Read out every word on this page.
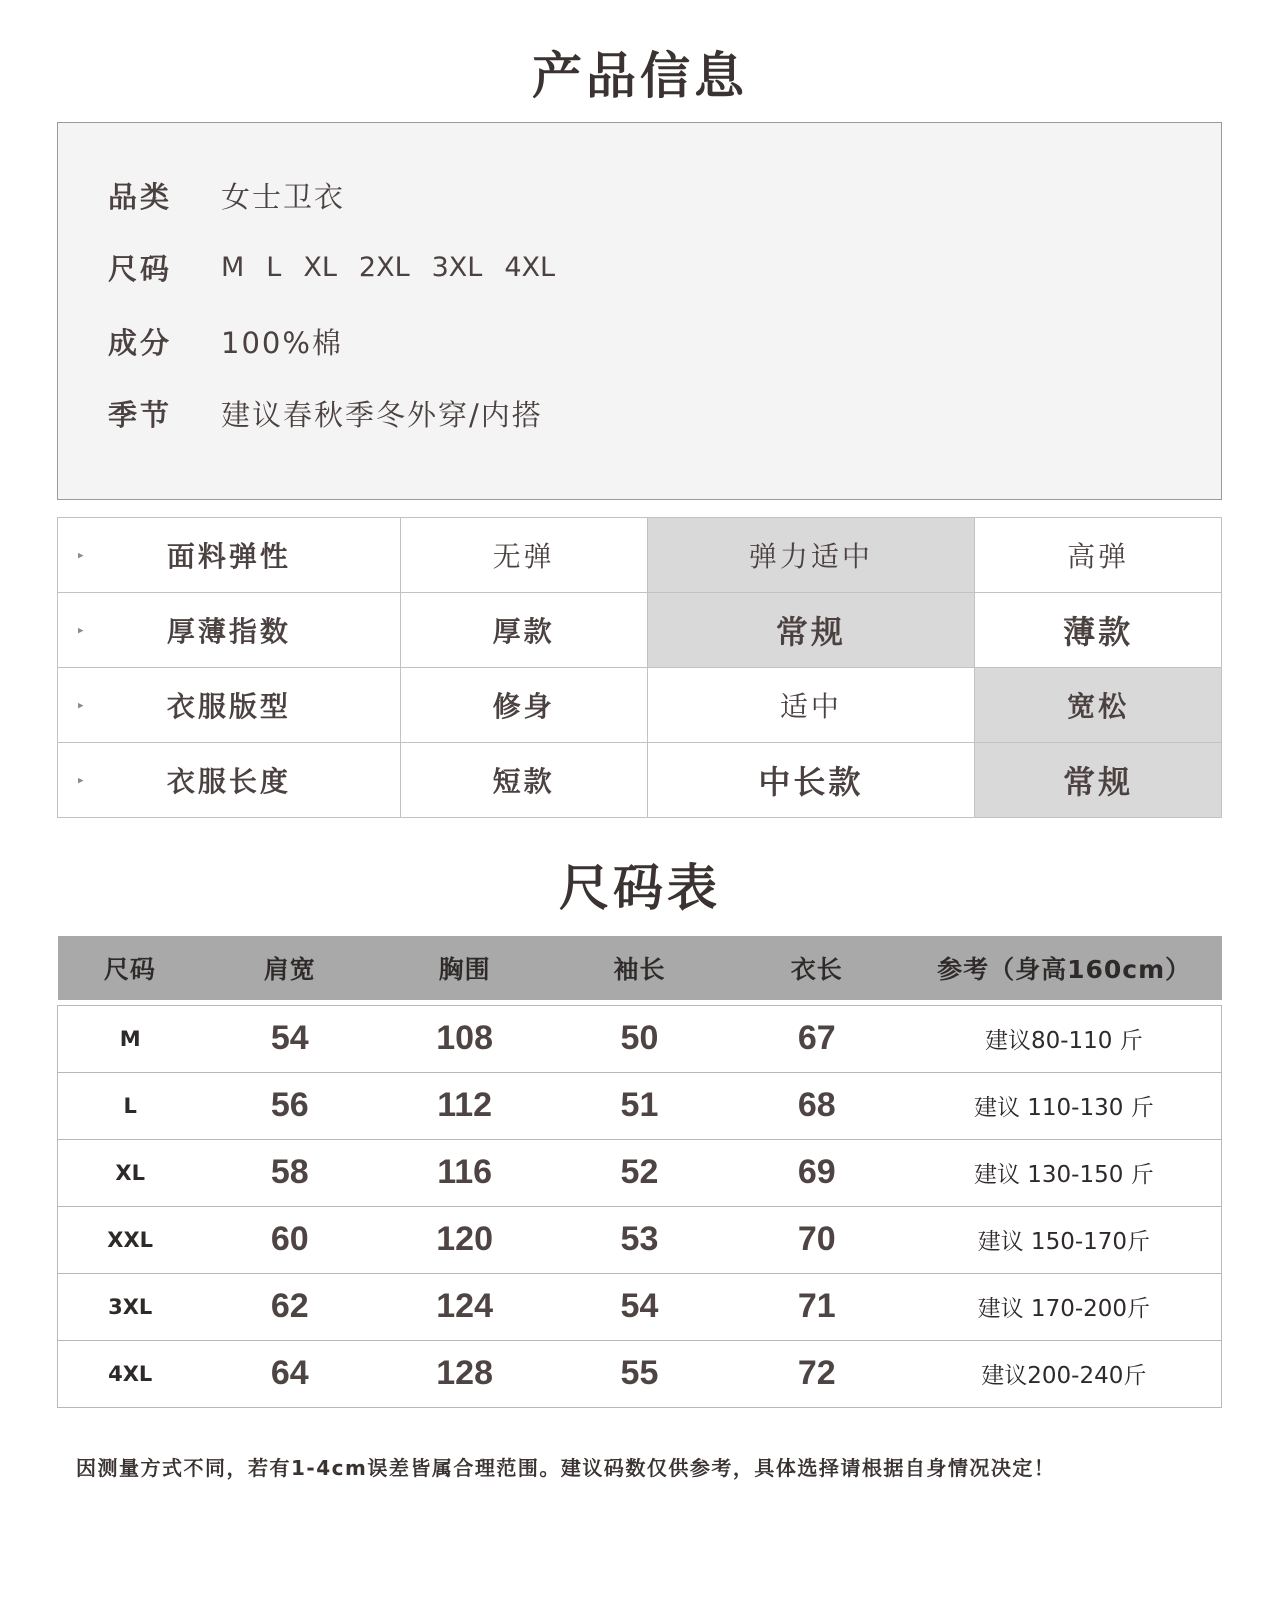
产品信息
品类	女士卫衣
尺码	M L XL 2XL 3XL 4XL
成分	100%棉
季节	建议春秋季冬外穿/内搭
▸ 面料弹性	无弹	弹力适中	高弹

▸ 厚薄指数	厚款	常规	薄款

▸ 衣服版型	修身	适中	宽松

▸ 衣服长度	短款	中长款	常规
尺码表
尺码	肩宽	胸围	袖长	衣长	参考（身高160cm）

M	54	108	50	67	建议80-110 斤
L	56	112	51	68	建议 110-130 斤
XL	58	116	52	69	建议 130-150 斤
XXL	60	120	53	70	建议 150-170斤
3XL	62	124	54	71	建议 170-200斤
4XL	64	128	55	72	建议200-240斤
因测量方式不同，若有1-4cm误差皆属合理范围。建议码数仅供参考，具体选择请根据自身情况决定！
